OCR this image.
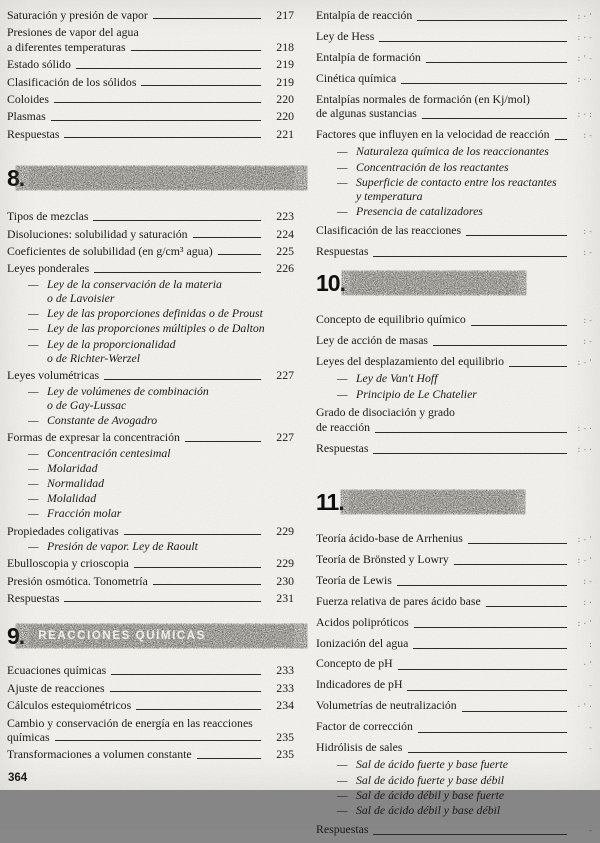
Saturación y presión de vapor	217
Presiones de vapor del agua
a diferentes temperaturas	218
Estado sólido	219
Clasificación de los sólidos	219
Coloides	220
Plasmas	220
Respuestas	221
8.
Tipos de mezclas	223
Disoluciones: solubilidad y saturación	224
Coeficientes de solubilidad (en g/cm³ agua)	225
Leyes ponderales	226
— Ley de la conservación de la materia
o de Lavoisier
— Ley de las proporciones definidas o de Proust
— Ley de las proporciones múltiples o de Dalton
— Ley de la proporcionalidad
o de Richter-Werzel
Leyes volumétricas	227
— Ley de volúmenes de combinación
o de Gay-Lussac
— Constante de Avogadro
Formas de expresar la concentración	227
— Concentración centesimal
— Molaridad
— Normalidad
— Molalidad
— Fracción molar
Propiedades coligativas	229
— Presión de vapor. Ley de Raoult
Ebulloscopia y crioscopia	229
Presión osmótica. Tonometría	230
Respuestas	231
9. REACCIONES QUÍMICAS
Ecuaciones químicas	233
Ajuste de reacciones	233
Cálculos estequiométricos	234
Cambio y conservación de energía en las reacciones
químicas	235
Transformaciones a volumen constante	235
Entalpía de reacción	:·'
Ley de Hess	:·-
Entalpía de formación	:'-
Cinética química	:··
Entalpías normales de formación (en Kj/mol)
de algunas sustancias	:·:
Factores que influyen en la velocidad de reacción	:-
— Naturaleza química de los reaccionantes
— Concentración de los reactantes
— Superficie de contacto entre los reactantes
y temperatura
— Presencia de catalizadores
Clasificación de las reacciones	:-
Respuestas	:-
10.
Concepto de equilibrio químico	:-
Ley de acción de masas	:-
Leyes del desplazamiento del equilibrio	:-'
— Ley de Van't Hoff
— Principio de Le Chatelier
Grado de disociación y grado
de reacción	:-·
Respuestas	:-·
11.
Teoría ácido-base de Arrhenius	:-'
Teoría de Brönsted y Lowry	:-'
Teoría de Lewis	:-
Fuerza relativa de pares ácido base	:·
Acidos polipróticos	:·'
Ionización del agua	:
Concepto de pH	·'
Indicadores de pH	-
Volumetrías de neutralización	·'·
Factor de corrección	-
Hidrólisis de sales	-
— Sal de ácido fuerte y base fuerte
— Sal de ácido fuerte y base débil
— Sal de ácido débil y base fuerte
— Sal de ácido débil y base débil
Respuestas	-
364
